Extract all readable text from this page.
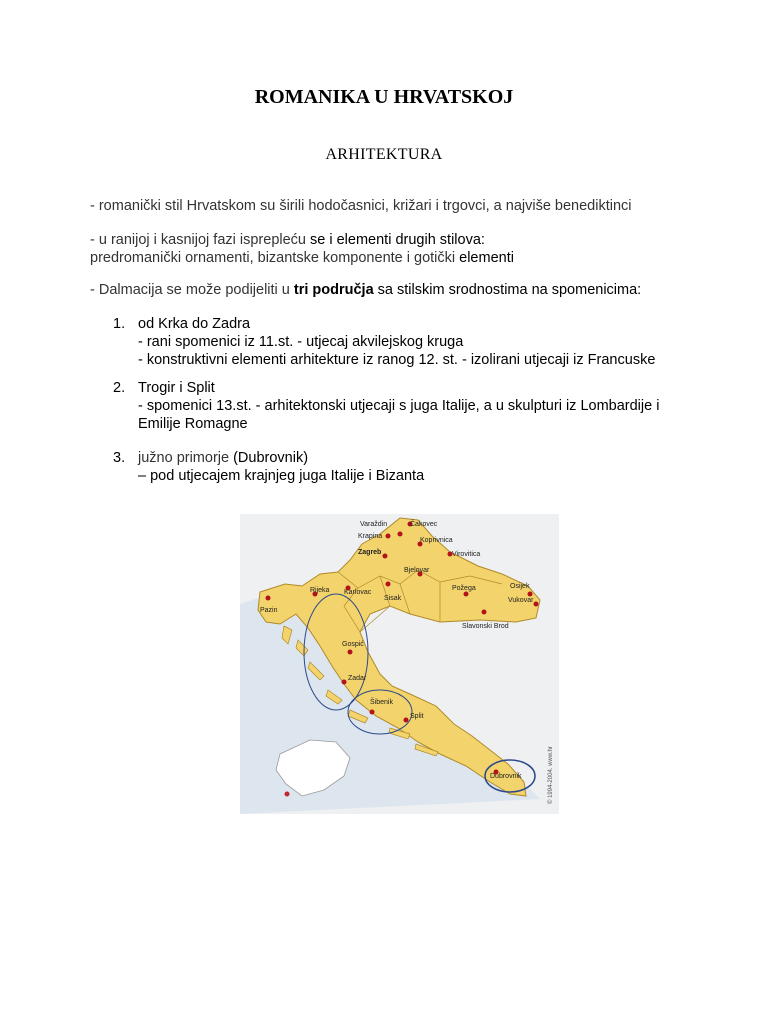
ROMANIKA U HRVATSKOJ
ARHITEKTURA
- romanički stil Hrvatskom su širili hodočasnici, križari i trgovci, a najviše benediktinci
- u ranijoj i kasnijoj fazi isprepleću se i elementi drugih stilova:
predromanički ornamenti, bizantske komponente i gotički elementi
- Dalmacija se može podijeliti u tri područja sa stilskim srodnostima na spomenicima:
1. od Krka do Zadra
- rani spomenici iz 11.st. - utjecaj akvilejskog kruga
- konstruktivni elementi arhitekture iz ranog 12. st. - izolirani utjecaji iz Francuske
2. Trogir i Split
- spomenici 13.st. - arhitektonski utjecaji s juga Italije, a u skulpturi iz Lombardije i
Emilije Romagne
3. južno primorje (Dubrovnik)
– pod utjecajem krajnjeg juga Italije i Bizanta
Varaždin	Čakovec
Krapina
Koprivnica
Zagreb	Virovitica
Bjelovar
Osijek
Požega
Rijeka Karlovac
Sisak	Vukovar
Pazin
Slavonski Brod
Gospić
Zadar
Šibenik
Split
Dubrovnik	© 1994-2004. www.hr
